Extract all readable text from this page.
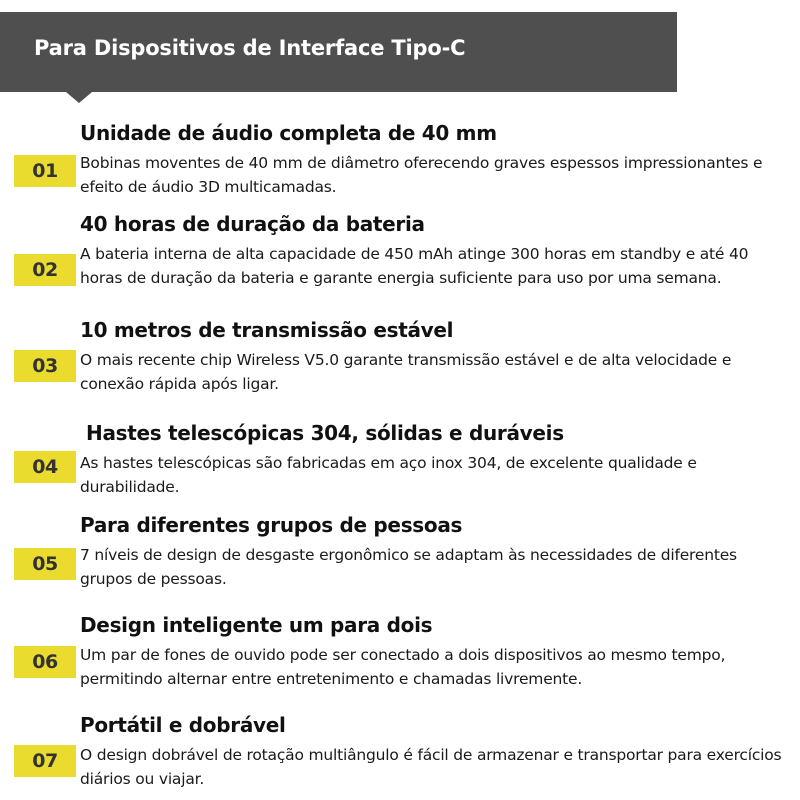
Para Dispositivos de Interface Tipo-C
Unidade de áudio completa de 40 mm
01	Bobinas moventes de 40 mm de diâmetro oferecendo graves espessos impressionantes e efeito de áudio 3D multicamadas.
40 horas de duração da bateria
02
A bateria interna de alta capacidade de 450 mAh atinge 300 horas em standby e até 40 horas de duração da bateria e garante energia suficiente para uso por uma semana.
10 metros de transmissão estável
03	O mais recente chip Wireless V5.0 garante transmissão estável e de alta velocidade e conexão rápida após ligar.
Hastes telescópicas 304, sólidas e duráveis
04	As hastes telescópicas são fabricadas em aço inox 304, de excelente qualidade e durabilidade.
Para diferentes grupos de pessoas
05	7 níveis de design de desgaste ergonômico se adaptam às necessidades de diferentes grupos de pessoas.
Design inteligente um para dois
06	Um par de fones de ouvido pode ser conectado a dois dispositivos ao mesmo tempo, permitindo alternar entre entretenimento e chamadas livremente.
Portátil e dobrável
07	O design dobrável de rotação multiângulo é fácil de armazenar e transportar para exercícios diários ou viajar.
